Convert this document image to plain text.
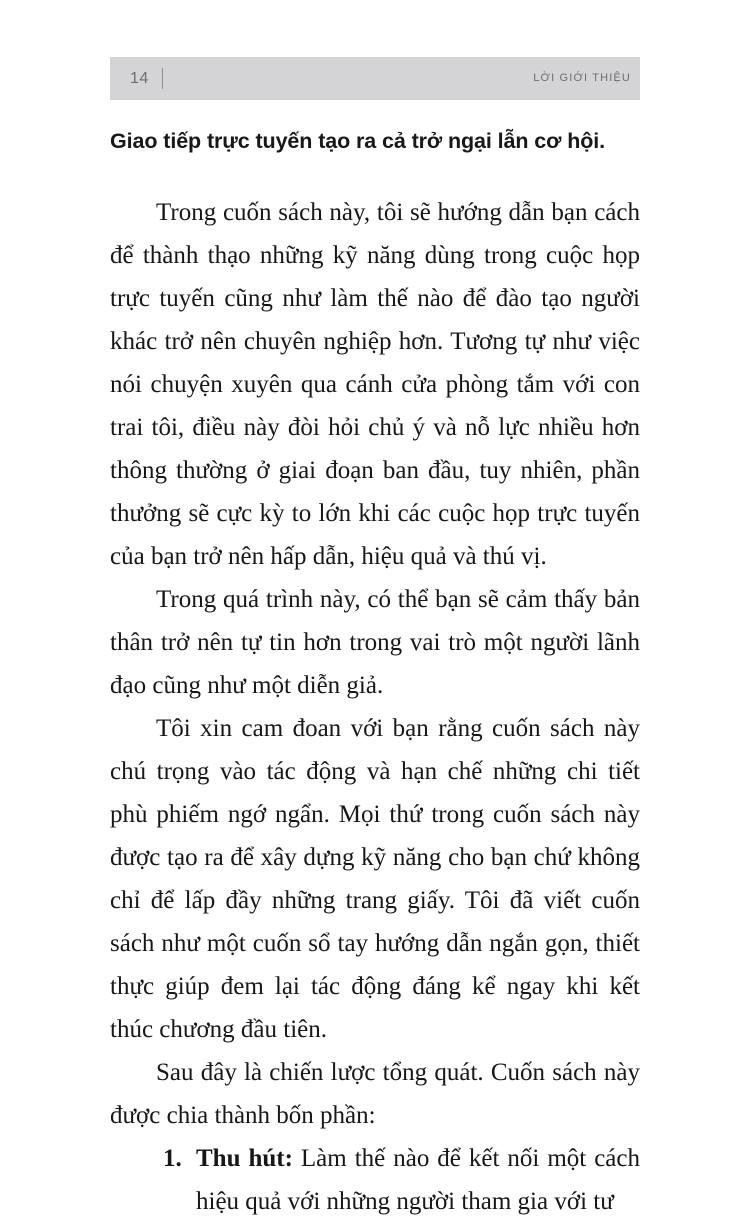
14	LỜI GIỚI THIỆU
Giao tiếp trực tuyến tạo ra cả trở ngại lẫn cơ hội.

Trong cuốn sách này, tôi sẽ hướng dẫn bạn cách để thành thạo những kỹ năng dùng trong cuộc họp trực tuyến cũng như làm thế nào để đào tạo người khác trở nên chuyên nghiệp hơn. Tương tự như việc nói chuyện xuyên qua cánh cửa phòng tắm với con trai tôi, điều này đòi hỏi chủ ý và nỗ lực nhiều hơn thông thường ở giai đoạn ban đầu, tuy nhiên, phần thưởng sẽ cực kỳ to lớn khi các cuộc họp trực tuyến của bạn trở nên hấp dẫn, hiệu quả và thú vị.

Trong quá trình này, có thể bạn sẽ cảm thấy bản thân trở nên tự tin hơn trong vai trò một người lãnh đạo cũng như một diễn giả.

Tôi xin cam đoan với bạn rằng cuốn sách này chú trọng vào tác động và hạn chế những chi tiết phù phiếm ngớ ngẩn. Mọi thứ trong cuốn sách này được tạo ra để xây dựng kỹ năng cho bạn chứ không chỉ để lấp đầy những trang giấy. Tôi đã viết cuốn sách như một cuốn sổ tay hướng dẫn ngắn gọn, thiết thực giúp đem lại tác động đáng kể ngay khi kết thúc chương đầu tiên.

Sau đây là chiến lược tổng quát. Cuốn sách này được chia thành bốn phần:

1. Thu hút: Làm thế nào để kết nối một cách hiệu quả với những người tham gia với tư
